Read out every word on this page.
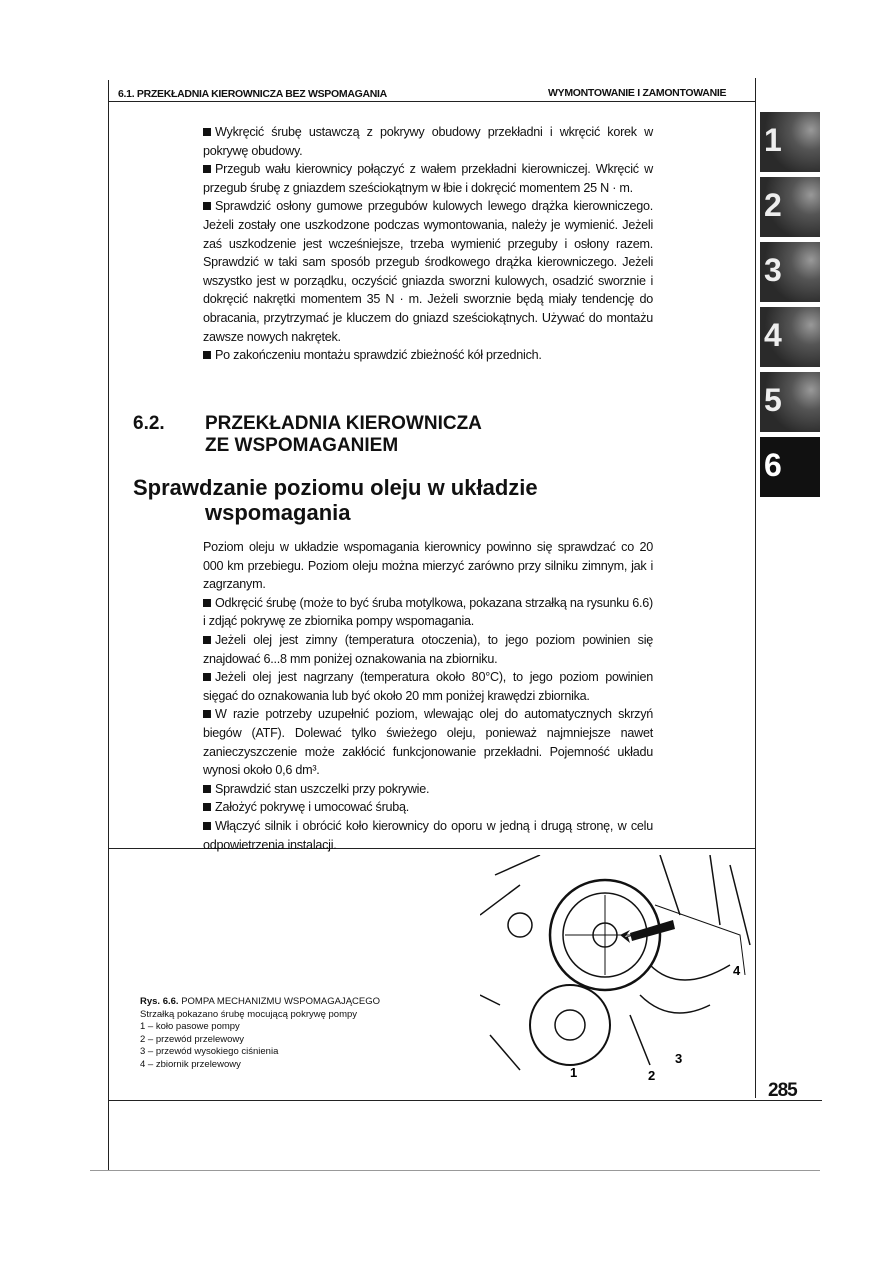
6.1. PRZEKŁADNIA KIEROWNICZA BEZ WSPOMAGANIA	WYMONTOWANIE I ZAMONTOWANIE
1
2
3
4
5
6

Wykręcić śrubę ustawczą z pokrywy obudowy przekładni i wkręcić korek w pokrywę obudowy.

Przegub wału kierownicy połączyć z wałem przekładni kierowniczej. Wkręcić w przegub śrubę z gniazdem sześciokątnym w łbie i dokręcić momentem 25 N · m.

Sprawdzić osłony gumowe przegubów kulowych lewego drążka kierowniczego. Jeżeli zostały one uszkodzone podczas wymontowania, należy je wymienić. Jeżeli zaś uszkodzenie jest wcześniejsze, trzeba wymienić przeguby i osłony razem. Sprawdzić w taki sam sposób przegub środkowego drążka kierowniczego. Jeżeli wszystko jest w porządku, oczyścić gniazda sworzni kulowych, osadzić sworznie i dokręcić nakrętki momentem 35 N · m. Jeżeli sworznie będą miały tendencję do obracania, przytrzymać je kluczem do gniazd sześciokątnych. Używać do montażu zawsze nowych nakrętek.

Po zakończeniu montażu sprawdzić zbieżność kół przednich.

6.2. PRZEKŁADNIA KIEROWNICZA
ZE WSPOMAGANIEM
Sprawdzanie poziomu oleju w układzie
wspomagania

Poziom oleju w układzie wspomagania kierownicy powinno się sprawdzać co 20 000 km przebiegu. Poziom oleju można mierzyć zarówno przy silniku zimnym, jak i zagrzanym.

Odkręcić śrubę (może to być śruba motylkowa, pokazana strzałką na rysunku 6.6) i zdjąć pokrywę ze zbiornika pompy wspomagania.

Jeżeli olej jest zimny (temperatura otoczenia), to jego poziom powinien się znajdować 6...8 mm poniżej oznakowania na zbiorniku.

Jeżeli olej jest nagrzany (temperatura około 80°C), to jego poziom powinien sięgać do oznakowania lub być około 20 mm poniżej krawędzi zbiornika.

W razie potrzeby uzupełnić poziom, wlewając olej do automatycznych skrzyń biegów (ATF). Dolewać tylko świeżego oleju, ponieważ najmniejsze nawet zanieczyszczenie może zakłócić funkcjonowanie przekładni. Pojemność układu wynosi około 0,6 dm³.

Sprawdzić stan uszczelki przy pokrywie.

Założyć pokrywę i umocować śrubą.

Włączyć silnik i obrócić koło kierownicy do oporu w jedną i drugą stronę, w celu odpowietrzenia instalacji.

Rys. 6.6. POMPA MECHANIZMU WSPOMAGAJĄCEGO
Strzałką pokazano śrubę mocującą pokrywę pompy
1 – koło pasowe pompy
2 – przewód przelewowy
3 – przewód wysokiego ciśnienia
4 – zbiornik przelewowy
1	2
3
4
285
